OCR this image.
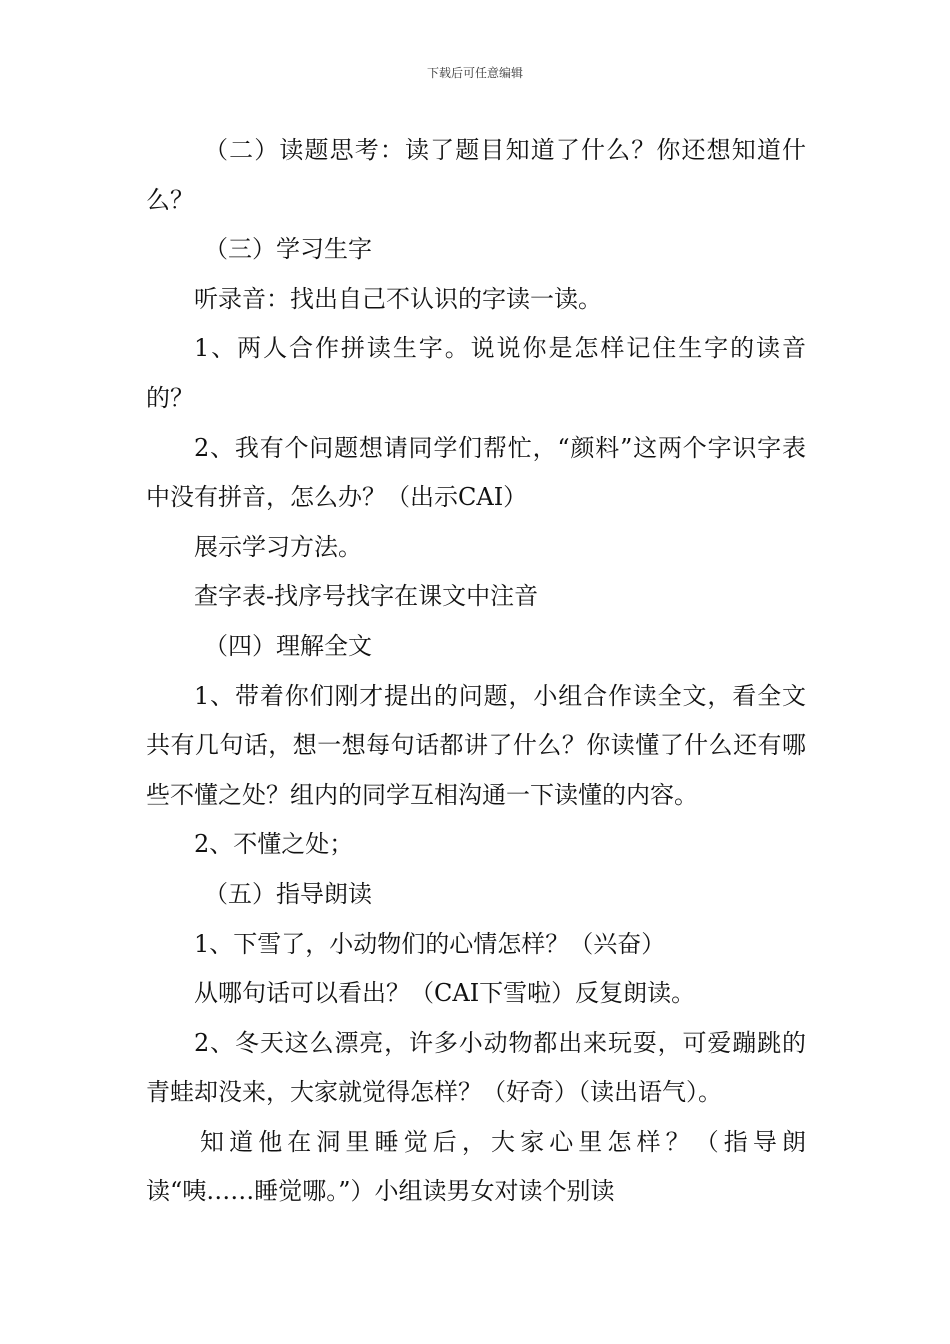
下载后可任意编辑

（二）读题思考：读了题目知道了什么？你还想知道什么？

（三）学习生字

听录音：找出自己不认识的字读一读。

1、两人合作拼读生字。说说你是怎样记住生字的读音的？

2、我有个问题想请同学们帮忙，“颜料”这两个字识字表中没有拼音，怎么办？（出示CAI）

展示学习方法。

查字表-找序号找字在课文中注音

（四）理解全文

1、带着你们刚才提出的问题，小组合作读全文，看全文共有几句话，想一想每句话都讲了什么？你读懂了什么还有哪些不懂之处？组内的同学互相沟通一下读懂的内容。

2、不懂之处；

（五）指导朗读

1、下雪了，小动物们的心情怎样？（兴奋）

从哪句话可以看出？（CAI下雪啦）反复朗读。

2、冬天这么漂亮，许多小动物都出来玩耍，可爱蹦跳的青蛙却没来，大家就觉得怎样？（好奇）（读出语气）。

知道他在洞里睡觉后，大家心里怎样？（指导朗读“咦……睡觉哪。”）小组读男女对读个别读
